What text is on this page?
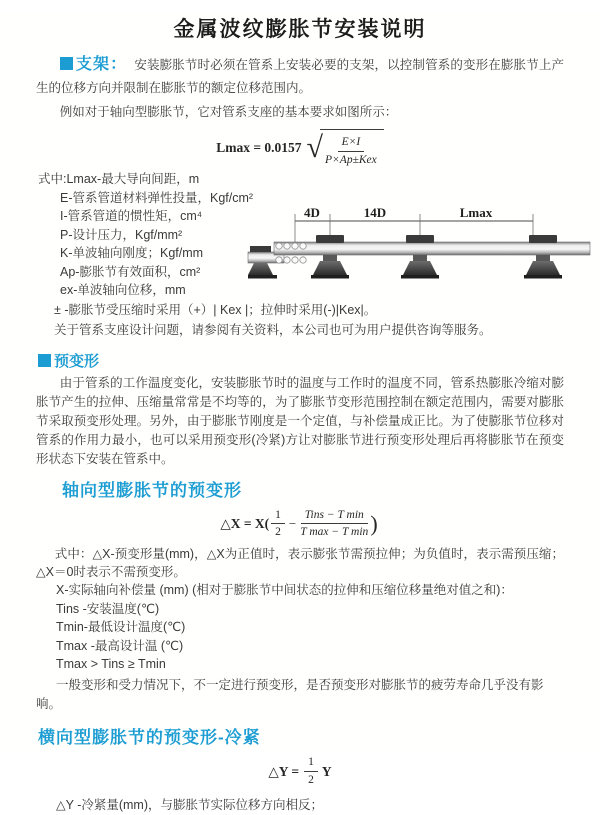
金属波纹膨胀节安装说明

支架： 安装膨胀节时必须在管系上安装必要的支架，以控制管系的变形在膨胀节上产生的位移方向并限制在膨胀节的额定位移范围内。

例如对于轴向型膨胀节，它对管系支座的基本要求如图所示：

Lmax = 0.0157 √ $\frac{E\times I}{\text{P×Ap±Kex}}$
式中:Lmax-最大导向间距，m
E-管系管道材料弹性投量，Kgf/cm²
I-管系管道的惯性矩，cm⁴
P-设计压力，Kgf/mm²
K-单波轴向刚度；Kgf/mm
Ap-膨胀节有效面积，cm²
ex-单波轴向位移，mm
± -膨胀节受压缩时采用（+）| Kex |；拉伸时采用(-)|Kex|。
关于管系支座设计问题，请参阅有关资料，本公司也可为用户提供咨询等服务。
4D	14D	Lmax
预变形

由于管系的工作温度变化，安装膨胀节时的温度与工作时的温度不同，管系热膨胀冷缩对膨胀节产生的拉伸、压缩量常常是不均等的，为了膨胀节变形范围控制在额定范围内，需要对膨胀节采取预变形处理。另外，由于膨胀节刚度是一个定值，与补偿量成正比。为了使膨胀节位移对管系的作用力最小，也可以采用预变形(冷紧)方让对膨胀节进行预变形处理后再将膨胀节在预变形状态下安装在管系中。

轴向型膨胀节的预变形
△X = $X( \frac{1}{2} - \frac{\text{Tins − T min}}{\text{T max − T min}}$ )

式中：△X-预变形量(mm)，△X为正值时，表示膨张节需预拉伸；为负值时，表示需预压缩；△X＝0时表示不需预变形。

X-实际轴向补偿量 (mm) (相对于膨胀节中间状态的拉伸和压缩位移量绝对值之和)：
Tins -安装温度(℃)
Tmin-最低设计温度(℃)
Tmax -最高设计温 (℃)
Tmax > Tins ≥ Tmin
一般变形和受力情况下，不一定进行预变形，是否预变形对膨胀节的疲劳寿命几乎没有影响。
横向型膨胀节的预变形-冷紧
△Y = $\frac{1}{2}$ Y
△Y -冷紧量(mm)，与膨胀节实际位移方向相反；
